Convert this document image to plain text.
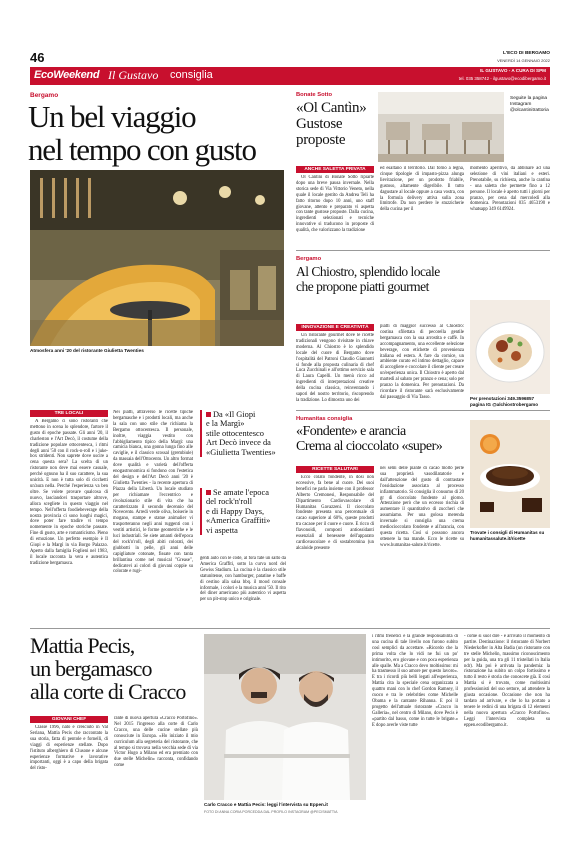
46	L'ECO DI BERGAMO
VENERDÌ 14 GENNAIO 2022
EcoWeekend Il Gustavo consiglia	IL GUSTAVO - A CURA DI SPM
tel. 035 358742 - ilgustavo@ecodibergamo.it
Bergamo
Un bel viaggio
nel tempo con gusto
Atmosfera anni '20 del ristorante Giulietta Twenties
TRE LOCALI

A Bergamo ci sono ristoranti che mettono in scena lo splendore, fartore il gusto di epoche passate. Gli anni '20, il charleston e l'Art Decò, il costume della tradizione popolare ottocentesca, i ritmi degli anni '50 con il rock-n-roll e i juke-box stridenti. Non saprete dove uscire a cena questa sera? La scelta di un ristorante non deve mai essere casuale, perché ognuno ha il suo carattere, la sua unicità. E non è tutta solo di cicchetti un'aura nella. Perché l'esperienza va ben oltre. Se volete provare qualcosa di nuovo, lasciandovi trasportare altrove, allora scegliete in questo viaggio nel tempo. Nell'offerta foodiebeverage della nostra provincia ci sono luoghi magici, dove poter fare tradire vi tempo nomemente in epoche storiche passate. Fine di gusto, arte e romanticismo. Pieno di emozione. Un perfetto esempio è Il Giopi e la Margì in via Borgo Palazzo. Aperto dalla famiglia Foglieni nel 1983, il locale racconta la vera e autentica tradizione bergamasca.

Nei piatti, attraverso le ricette tipiche bergamasche e i prodotti locali, ma anche la sala con uno stile che richiama la Bergamo ottocentesca. Il personale, inoltre, viaggia vestito con l'abbigliamento tipico della Margì: una camicia bianca, una gonna lunga fino alle caviglie, e il classico scossal (grembiule) da massaia dell'Ottocento. Un altro format dove qualità e varietà dell'offerta enogastronomica si fondono con l'estetica del design e dell'Art Decò anni '20 è Giulietta Twenties - la recente apertura di Piazza della Libertà. Un locale studiato per richiamare l'eccentrico e rivoluzionario stile di vita che ha caratterizzato il secondo decennio del Novecento. Arredi verde oliva, boiserie in mogano, stampe e statue animalier vi trasporteranno negli anni ruggenti con i vestiti artistici, le forme geometriche e le luci industriali. Se siete amanti dell'epoca del rock'n'roll, degli abiti colorati, dei giubbotti in pelle, gli anni delle capigliature cotonate, fissate con tanta brillantina come nel musical "Grease", dedicatevi ai colori di giovani coppie su colorate e rugi-

Da «Il Giopi
e la Margì»
stile ottocentesco
Art Decò invece da
«Giulietta Twenties»
Se amate l'epoca
del rock'n'roll
e di Happy Days,
«America Graffiti»
vi aspetta

genti auto con le code, al fora fate un salto da America Graffiti, sotto la curva nord del Gewiss Stadium. La cucina è la classico stile statunitense, con hamburger, patatine e baffe di cestino alla salsa bbq. il mood consale informale, i colori e la musica anni '50. Il rito del diner americano più autentico vi aspetta per un pit-stop unico e originale.

Bonate Sotto
«Ol Cantìn»
Gustose
proposte
Seguite la pagina Instagram @olcantinitrattoria
ANCHE SALETTA PRIVATA

Ol Cantini di Bonate Sotto ripiarte dopo una breve pausa invernale. Nella storica sede di Via Vittorio Veneto, nella quale il locale gestito da Andrea Teli ha fatto ritorno dopo 10 anni, uno staff giovane, attento e preparato vi aspetta con tante gustose proposte. Dalla cucina, ingredienti selezionati e tecniche innovative si traducono in proposte di qualità, che valorizzano la tradizione

ed esaltano il territorio. Dal forno a legna, cinque tipologie di impasto-pizza alunga lievitazione, per un prodotto friabile, gustoso, altamente digeribile. Il tutto dagustare al locale oppure a casa vostra, con la formula delivery attiva sulla zona limitrofe. Da non perdere le stuzzicherie della cucina per il

momento aperitivo, da abbinare ad una selezione di vini italiani e esteri. Prenotabile, su richiesta, anche la cantina - una saletta che permette fino a 12 persone. Il locale è aperto tutti i giorni per pranzo, per cena dal mercoledì alla domenica. Prenotazioni 035 4653190 e whatsapp 349 6149924.

Bergamo
Al Chiostro, splendido locale
che propone piatti gourmet
INNOVAZIONE E CREATIVITÀ

Un ristorante gourmet dove le ricette tradizionali vengono rivisitate in chiave moderna. Al Chiostro è lo splendido locale del cuore di Bergamo dove l'ospitalità del Patroni Claudio Giannotti si fonde alla proposta culinaria di chef Luca Zucchinali e all'ottimo servizio sala di Laura Capelli. Un menù ricco ad ingredienti di interpretazioni creative della cucina classica, reinventando i sapori del nostro territorio, riscoprendo la tradizione. Lo dimostra uno dei

piatti di maggior successo al Chiostro: costina sfilettata di pecorella gentile bergamasca con la sua arrostita e caffè. In accompagnamento, una eccellente selezione beverage, con etichette di provenienza italiana ed estera. A fare da cornice, un ambiente curato ed intimo dettaglio, capace di accogliere e coccolare il cliente per creare un'esperienza unica. Il Chiostro è aperto dal martedì al sabato per pranzo e cena; solo per pranzo la domenica. Per prenotazioni. Da ricordare il ristorante sarà esclusivamente dal passaggio di Via Tasso.	Per prenotazioni 349.3596857 pagina IG @alchiostrobergamo
Humanitas consiglia
«Fondente» e arancia
Crema al cioccolato «super»
RICETTE SALUTARI

Ecco colato fondente, in dosi non eccessive, fa bene al cuore. Dei suoi benefici ne parla insieme con il professor Alberto Cremonesi, Responsabile del Dipartimento Cardiovascolare di Humanitas Gavazzeni. Il cioccolato fondente presenta una percentuale di cacao superiore al 60%, queste prodotti tra cacaoe per il cuore e cuore. E ricco di flavonoidi, composti antiossidanti essenziali al benessere dell'apparato cardiovascolare e di sostabromina (un alcaloide presente

nei semi delle piante di cacao molto perle sua proprietà vasodilatatorie e dall'attenzione del gusto di contrastare l'ossidazione associata al processo infiammatorio. Si consiglia il consumo di 20 gr di cioccolato fondente al giorno. Attenzione però che un eccesso rischia di aumentare il quantitativo di zuccheri che assumiamo. Per una golosa merenda invernale si consiglia una crema mediocioccolato fondente e all'arancia, con questa ricetta. Così si possono ancora ottenere la tua mande. Ecco le ricette su www.humanitas-salute.it/ricette.

Trovate i consigli di Humanitas su humanitassalute.it/ricette
Mattia Pecis,
un bergamasco
alla corte di Cracco
GIOVANI CHEF

Classe 1996, nato e cresciuto in Val Seriana, Mattia Pecis che raccontato la sua storia, fatta di pentole e fornelli, di viaggi di esperienze stellate. Dopo l'istituto alberghiero di Clusone e alcune esperienze formative e lavorative importanti, oggi è a capo della brigata del risto-

rante di nuova apertura «Cracco Portofino». Nel 2015 l'ingresso alla corte di Carlo Cracco, una delle cucine stellate più conosciute in Europa. «Ho iniziato il mio curriculum alla segreteria del ristorante, che al tempo si trovava nella vecchia sede di via Victor Hugo a Milano ed era premiato con due stelle Michelin» racconta, confidando come

Carlo Cracco e Mattia Pecis: leggi l'intervista su Eppen.it
FOTO DI ANNA CORIA PORCEDDA DAL PROFILO INSTAGRAM @PECISMATTIA

i ritmi frenetici e la grande responsabilità di una cucina di tale livello non furono subito così semplici da accettare. «Ricordo che la prima volta che lo vidi ne fui un po' intimorito, ero giovane e con poca esperienza alle spalle. Ma a Cracco devo moltissimo: mi ha trasmesso il suo amore per questo lavoro». E tra i ricordi più belli legati all'esperienza, Mattia cita la speciale cena organizzata a quattro mani con lo chef Gordon Ramsey, il cuoco e tra le celebrities come Michelle Obama e la cantante Rihanna. E poi il progetto dell'attuale ristorante «Cracco in Galleria», nel centro di Milano, dove Pecis è «partito dal basso, come in tutte le brigate.» E dopo averle viste tutte

- come si suol dire - è arrivato il momento di partire. Destinazione: il ristorante di Norbert Niederkofler in Alta Badia (un ristorante con tre stelle Michelin, massimo riconoscimento per la guida, una tra gli 11 tristellati in Italia ndr). Ma poi è arrivata la pandemia: la ristorazione ha subito un colpo fortissimo e tutto il resto è storia che conoscete già. E così Mattia si è trovato, come moltissimi professionisti del suo settore, ad attendere la giusta occasione. Occasione che non ha tardato ad arrivare, e che lo ha portato a tenere le redini di una brigata di 12 elementi nella nuova apertura «Cracco Portofino». Leggi l'intervista completa su eppen.ecodibergamo.it.
